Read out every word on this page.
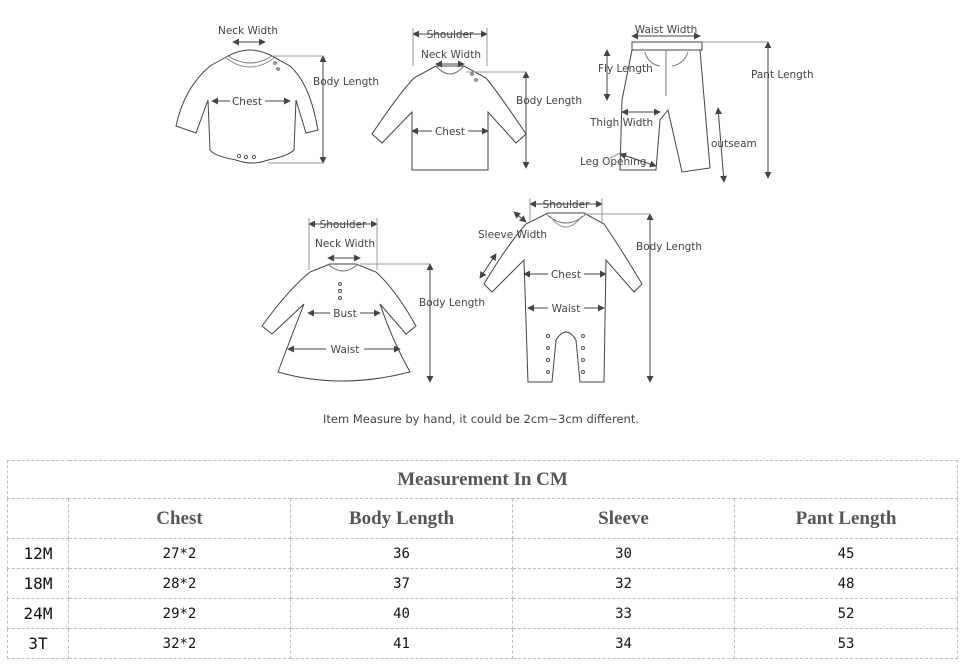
Neck Width
Chest
Body Length
Shoulder
Neck Width
Chest
Body Length
Waist Width
Fly Length	Pant Length
Thigh Width
outseam
Leg Opening
Shoulder
Neck Width
Bust
Waist
Body Length
Shoulder
Sleeve Width
Chest
Waist
Body Length
Item Measure by hand, it could be 2cm~3cm different.
Measurement In CM				
	Chest	Body Length	Sleeve	Pant Length
12M	27*2	36	30	45
18M	28*2	37	32	48
24M	29*2	40	33	52
3T	32*2	41	34	53
